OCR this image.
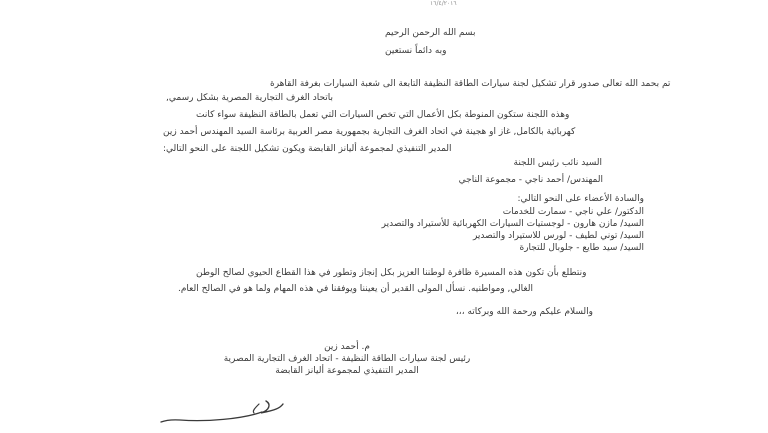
١٦/٤/٢٠١٦
بسم الله الرحمن الرحيم
وبه دائماً نستعين
تم بحمد الله تعالى صدور قرار تشكيل لجنة سيارات الطاقة النظيفة التابعة الى شعبة السيارات بغرفة القاهرة
باتحاد الغرف التجارية المصرية بشكل رسمي,
وهذه اللجنة ستكون المنوطة بكل الأعمال التي تخص السيارات التي تعمل بالطاقة النظيفة سواء كانت
كهربائية بالكامل, غاز او هجينة في اتحاد الغرف التجارية بجمهورية مصر العربية برئاسة السيد المهندس أحمد زين
المدير التنفيذي لمجموعة أليانز القابضة ويكون تشكيل اللجنة على النحو التالي:
السيد نائب رئيس اللجنة
المهندس/ أحمد ناجي - مجموعة الناجي
والسادة الأعضاء على النحو التالي:
الدكتور/ علي ناجي - سمارت للخدمات
السيد/ مازن هارون - لوجستيات السيارات الكهربائية للأستيراد والتصدير
السيد/ توني لطيف - لورس للاستيراد والتصدير
السيد/ سيد طايع - جلوبال للتجارة
ونتطلع بأن تكون هذه المسيرة ظافرة لوطننا العزيز بكل إنجاز وتطور في هذا القطاع الحيوي لصالح الوطن
الغالي, ومواطنيه. نسأل المولى القدير أن يعيننا ويوفقنا في هذه المهام ولما هو في الصالح العام.
والسلام عليكم ورحمة الله وبركاته ،،،
م. أحمد زين
رئيس لجنة سيارات الطاقة النظيفة - اتحاد الغرف التجارية المصرية
المدير التنفيذي لمجموعة أليانز القابضة
